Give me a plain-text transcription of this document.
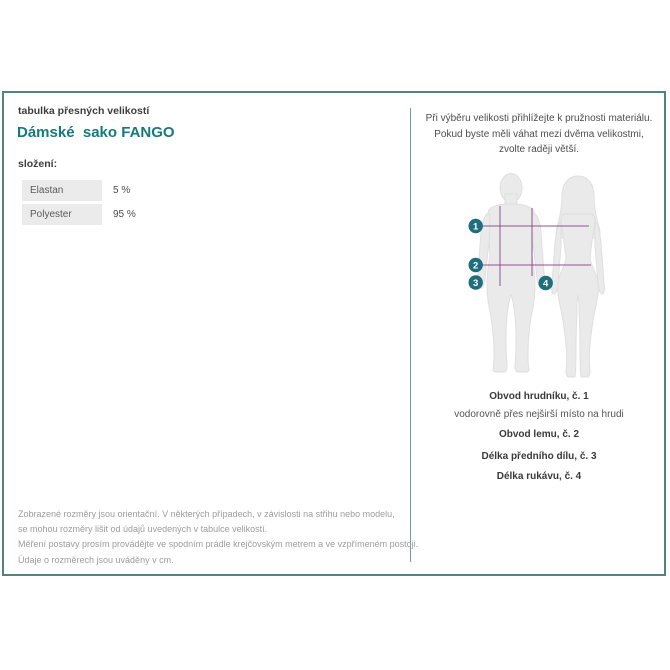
tabulka přesných velikostí
Dámské  sako FANGO
složení:
Elastan	5 %
Polyester	95 %
Zobrazené rozměry jsou orientační. V některých případech, v závislosti na střihu nebo modelu,
se mohou rozměry lišit od údajů uvedených v tabulce velikostí.
Měření postavy prosím provádějte ve spodním prádle krejčovským metrem a ve vzpřímeném postoji.
Údaje o rozměrech jsou uváděny v cm.
Při výběru velikosti přihlížejte k pružnosti materiálu.
Pokud byste měli váhat mezi dvěma velikostmi,
zvolte raději větší.
1
2
3	4
Obvod hrudníku, č. 1
vodorovně přes nejširší místo na hrudi
Obvod lemu, č. 2
Délka předního dílu, č. 3
Délka rukávu, č. 4
